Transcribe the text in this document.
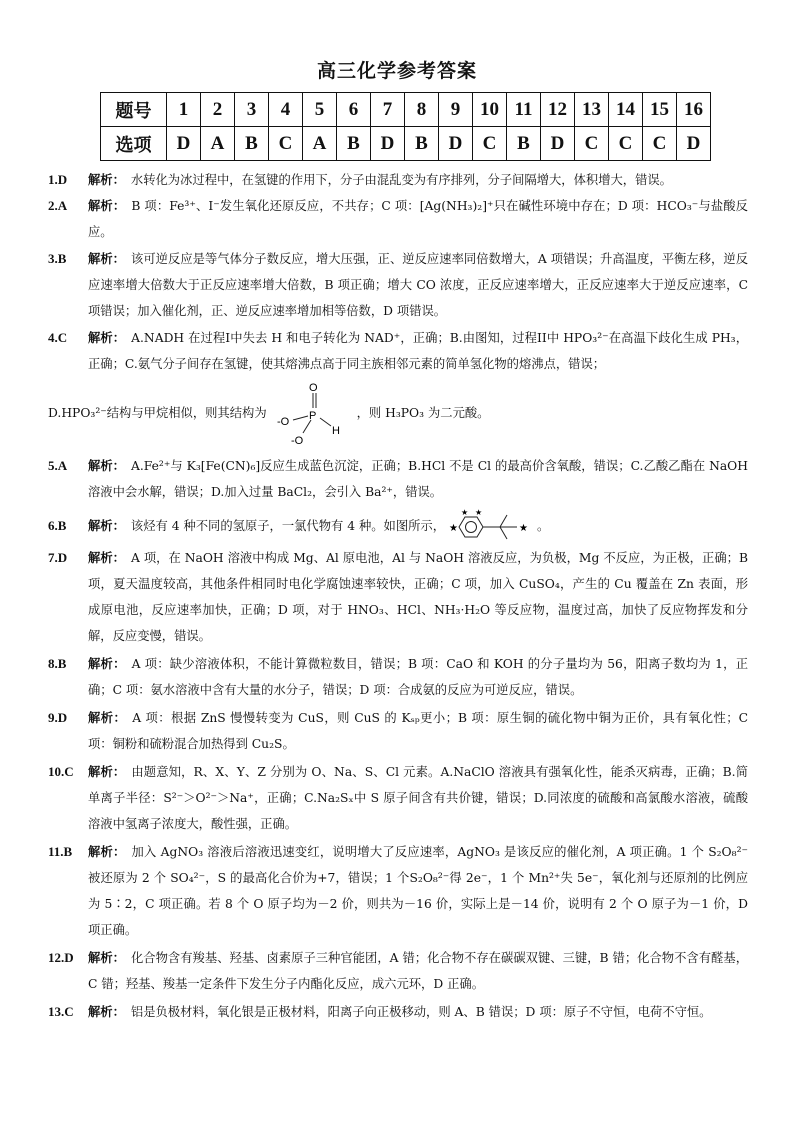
高三化学参考答案
题号	1	2	3	4	5	6	7	8	9	10	11	12	13	14	15	16
选项	D	A	B	C	A	B	D	B	D	C	B	D	C	C	C	D
1.D	解析： 水转化为冰过程中，在氢键的作用下，分子由混乱变为有序排列，分子间隔增大，体积增大，错误。
2.A	解析： B 项：Fe³⁺、I⁻发生氧化还原反应，不共存；C 项：[Ag(NH₃)₂]⁺只在碱性环境中存在；D 项：HCO₃⁻与盐酸反应。
3.B	解析： 该可逆反应是等气体分子数反应，增大压强，正、逆反应速率同倍数增大，A 项错误；升高温度，平衡左移，逆反应速率增大倍数大于正反应速率增大倍数，B 项正确；增大 CO 浓度，正反应速率增大，正反应速率大于逆反应速率，C 项错误；加入催化剂，正、逆反应速率增加相等倍数，D 项错误。
4.C	解析： A.NADH 在过程I中失去 H 和电子转化为 NAD⁺，正确；B.由图知，过程II中 HPO₃²⁻在高温下歧化生成 PH₃，正确；C.氨气分子间存在氢键，使其熔沸点高于同主族相邻元素的简单氢化物的熔沸点，错误；
D.HPO₃²⁻结构与甲烷相似，则其结构为
O
P
-O
H
-O
，则 H₃PO₃ 为二元酸。
5.A	解析： A.Fe²⁺与 K₃[Fe(CN)₆]反应生成蓝色沉淀，正确；B.HCl 不是 Cl 的最高价含氧酸，错误；C.乙酸乙酯在 NaOH 溶液中会水解，错误；D.加入过量 BaCl₂，会引入 Ba²⁺，错误。
6.B	解析： 该烃有 4 种不同的氢原子，一氯代物有 4 种。如图所示， ★
★ ★
★ 。
7.D	解析： A 项，在 NaOH 溶液中构成 Mg、Al 原电池，Al 与 NaOH 溶液反应，为负极，Mg 不反应，为正极，正确；B 项，夏天温度较高，其他条件相同时电化学腐蚀速率较快，正确；C 项，加入 CuSO₄，产生的 Cu 覆盖在 Zn 表面，形成原电池，反应速率加快，正确；D 项，对于 HNO₃、HCl、NH₃·H₂O 等反应物，温度过高，加快了反应物挥发和分解，反应变慢，错误。
8.B	解析： A 项：缺少溶液体积，不能计算微粒数目，错误；B 项：CaO 和 KOH 的分子量均为 56，阳离子数均为 1，正确；C 项：氨水溶液中含有大量的水分子，错误；D 项：合成氨的反应为可逆反应，错误。
9.D	解析： A 项：根据 ZnS 慢慢转变为 CuS，则 CuS 的 Kₛₚ更小；B 项：原生铜的硫化物中铜为正价，具有氧化性；C 项：铜粉和硫粉混合加热得到 Cu₂S。
10.C	解析： 由题意知，R、X、Y、Z 分别为 O、Na、S、Cl 元素。A.NaClO 溶液具有强氧化性，能杀灭病毒，正确；B.简单离子半径：S²⁻＞O²⁻＞Na⁺，正确；C.Na₂Sₓ中 S 原子间含有共价键，错误；D.同浓度的硫酸和高氯酸水溶液，硫酸溶液中氢离子浓度大，酸性强，正确。
11.B	解析： 加入 AgNO₃ 溶液后溶液迅速变红，说明增大了反应速率，AgNO₃ 是该反应的催化剂，A 项正确。1 个 S₂O₈²⁻被还原为 2 个 SO₄²⁻，S 的最高化合价为+7，错误；1 个S₂O₈²⁻得 2e⁻，1 个 Mn²⁺失 5e⁻，氧化剂与还原剂的比例应为 5∶2，C 项正确。若 8 个 O 原子均为－2 价，则共为－16 价，实际上是－14 价，说明有 2 个 O 原子为－1 价，D 项正确。
12.D	解析： 化合物含有羧基、羟基、卤素原子三种官能团，A 错；化合物不存在碳碳双键、三键，B 错；化合物不含有醛基，C 错；羟基、羧基一定条件下发生分子内酯化反应，成六元环，D 正确。
13.C	解析： 铝是负极材料，氧化银是正极材料，阳离子向正极移动，则 A、B 错误；D 项：原子不守恒，电荷不守恒。
